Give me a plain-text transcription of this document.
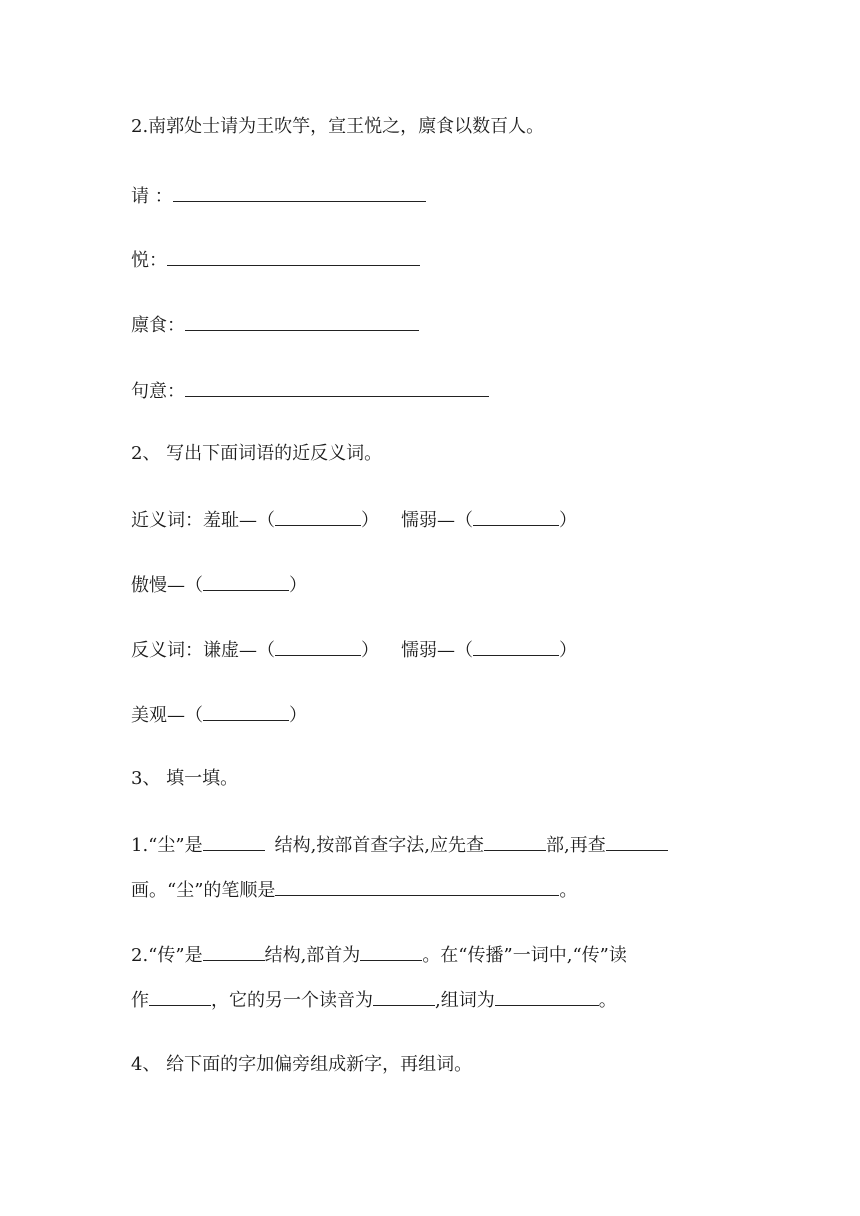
2.南郭处士请为王吹竽，宣王悦之，廪食以数百人。
请 ：
悦：
廪食：
句意：
2、 写出下面词语的近反义词。
近义词：羞耻—（	） 懦弱—（	）
傲慢—（	）
反义词：谦虚—（	） 懦弱—（	）
美观—（	）
3、 填一填。
1.“尘”是	结构,按部首查字法,应先查	部,再查
画。“尘”的笔顺是	。
2.“传”是	结构,部首为	。在“传播”一词中,“传”读
作	，它的另一个读音为	,组词为	。
4、 给下面的字加偏旁组成新字，再组词。
